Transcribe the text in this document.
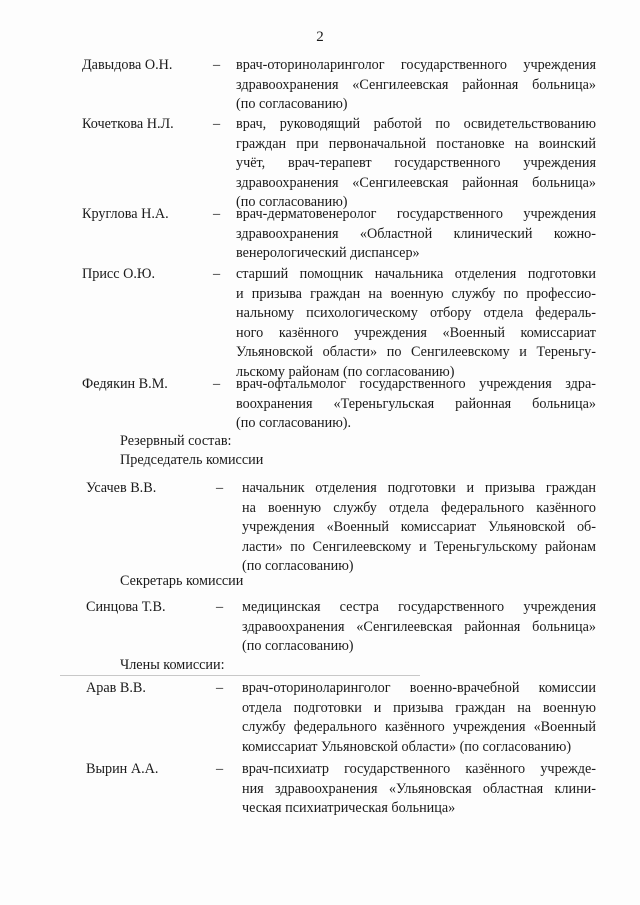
2
Давыдова О.Н.	– врач-оториноларинголог государственного учреждения
здравоохранения «Сенгилеевская районная больница»
(по согласованию)
Кочеткова Н.Л.	– врач, руководящий работой по освидетельствованию
граждан при первоначальной постановке на воинский
учёт, врач-терапевт государственного учреждения
здравоохранения «Сенгилеевская районная больница»
(по согласованию)
Круглова Н.А.	– врач-дерматовенеролог государственного учреждения
здравоохранения «Областной клинический кожно-
венерологический диспансер»
Присс О.Ю.	– старший помощник начальника отделения подготовки
и призыва граждан на военную службу по профессио-
нальному психологическому отбору отдела федераль-
ного казённого учреждения «Военный комиссариат
Ульяновской области» по Сенгилеевскому и Тереньгу-
льскому районам (по согласованию)
Федякин В.М.	– врач-офтальмолог государственного учреждения здра-
воохранения «Тереньгульская районная больница»
(по согласованию).
Резервный состав:
Председатель комиссии
Усачев В.В.	– начальник отделения подготовки и призыва граждан
на военную службу отдела федерального казённого
учреждения «Военный комиссариат Ульяновской об-
ласти» по Сенгилеевскому и Тереньгульскому районам
(по согласованию)
Секретарь комиссии
Синцова Т.В.	– медицинская сестра государственного учреждения
здравоохранения «Сенгилеевская районная больница»
(по согласованию)
Члены комиссии:
Арав В.В.	– врач-оториноларинголог военно-врачебной комиссии
отдела подготовки и призыва граждан на военную
службу федерального казённого учреждения «Военный
комиссариат Ульяновской области» (по согласованию)
Вырин А.А.	– врач-психиатр государственного казённого учрежде-
ния здравоохранения «Ульяновская областная клини-
ческая психиатрическая больница»
